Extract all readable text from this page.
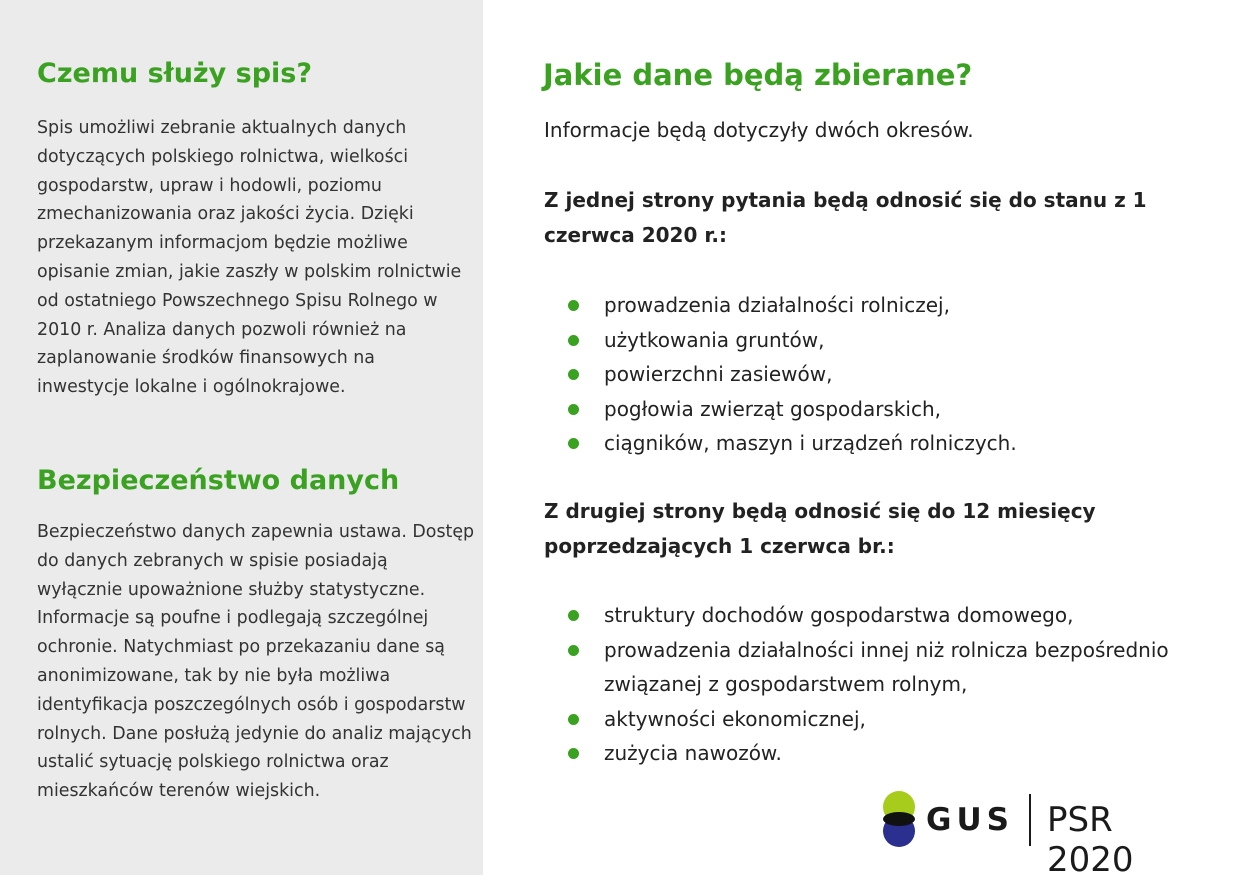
Czemu służy spis?

Spis umożliwi zebranie aktualnych danych dotyczących polskiego rolnictwa, wielkości gospodarstw, upraw i hodowli, poziomu zmechanizowania oraz jakości życia. Dzięki przekazanym informacjom będzie możliwe opisanie zmian, jakie zaszły w polskim rolnictwie od ostatniego Powszechnego Spisu Rolnego w 2010 r. Analiza danych pozwoli również na zaplanowanie środków finansowych na inwestycje lokalne i ogólnokrajowe.

Bezpieczeństwo danych

Bezpieczeństwo danych zapewnia ustawa. Dostęp do danych zebranych w spisie posiadają wyłącznie upoważnione służby statystyczne. Informacje są poufne i podlegają szczególnej ochronie. Natychmiast po przekazaniu dane są anonimizowane, tak by nie była możliwa identyfikacja poszczególnych osób i gospodarstw rolnych. Dane posłużą jedynie do analiz mających ustalić sytuację polskiego rolnictwa oraz mieszkańców terenów wiejskich.

Jakie dane będą zbierane?

Informacje będą dotyczyły dwóch okresów.

Z jednej strony pytania będą odnosić się do stanu z 1 czerwca 2020 r.:

prowadzenia działalności rolniczej,
użytkowania gruntów,
powierzchni zasiewów,
pogłowia zwierząt gospodarskich,
ciągników, maszyn i urządzeń rolniczych.

Z drugiej strony będą odnosić się do 12 miesięcy poprzedzających 1 czerwca br.:

struktury dochodów gospodarstwa domowego,
prowadzenia działalności innej niż rolnicza bezpośrednio związanej z gospodarstwem rolnym,
aktywności ekonomicznej,
zużycia nawozów.
GUS PSR 2020
